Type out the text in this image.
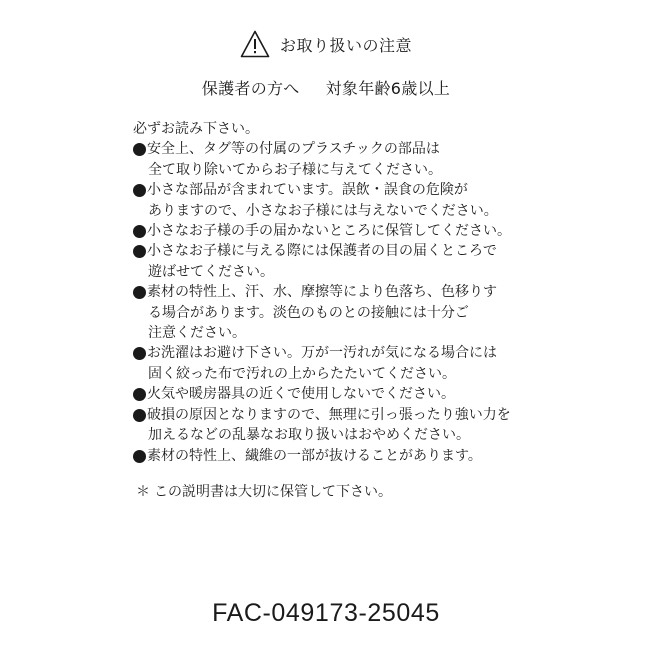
お取り扱いの注意
保護者の方へ 対象年齢6歳以上
必ずお読み下さい。
安全上、タグ等の付属のプラスチックの部品は
全て取り除いてからお子様に与えてください。
小さな部品が含まれています。誤飲・誤食の危険が
ありますので、小さなお子様には与えないでください。
小さなお子様の手の届かないところに保管してください。
小さなお子様に与える際には保護者の目の届くところで
遊ばせてください。
素材の特性上、汗、水、摩擦等により色落ち、色移りす
る場合があります。淡色のものとの接触には十分ご
注意ください。
お洗濯はお避け下さい。万が一汚れが気になる場合には
固く絞った布で汚れの上からたたいてください。
火気や暖房器具の近くで使用しないでください。
破損の原因となりますので、無理に引っ張ったり強い力を
加えるなどの乱暴なお取り扱いはおやめください。
素材の特性上、繊維の一部が抜けることがあります。
＊ この説明書は大切に保管して下さい。
FAC-049173-25045
